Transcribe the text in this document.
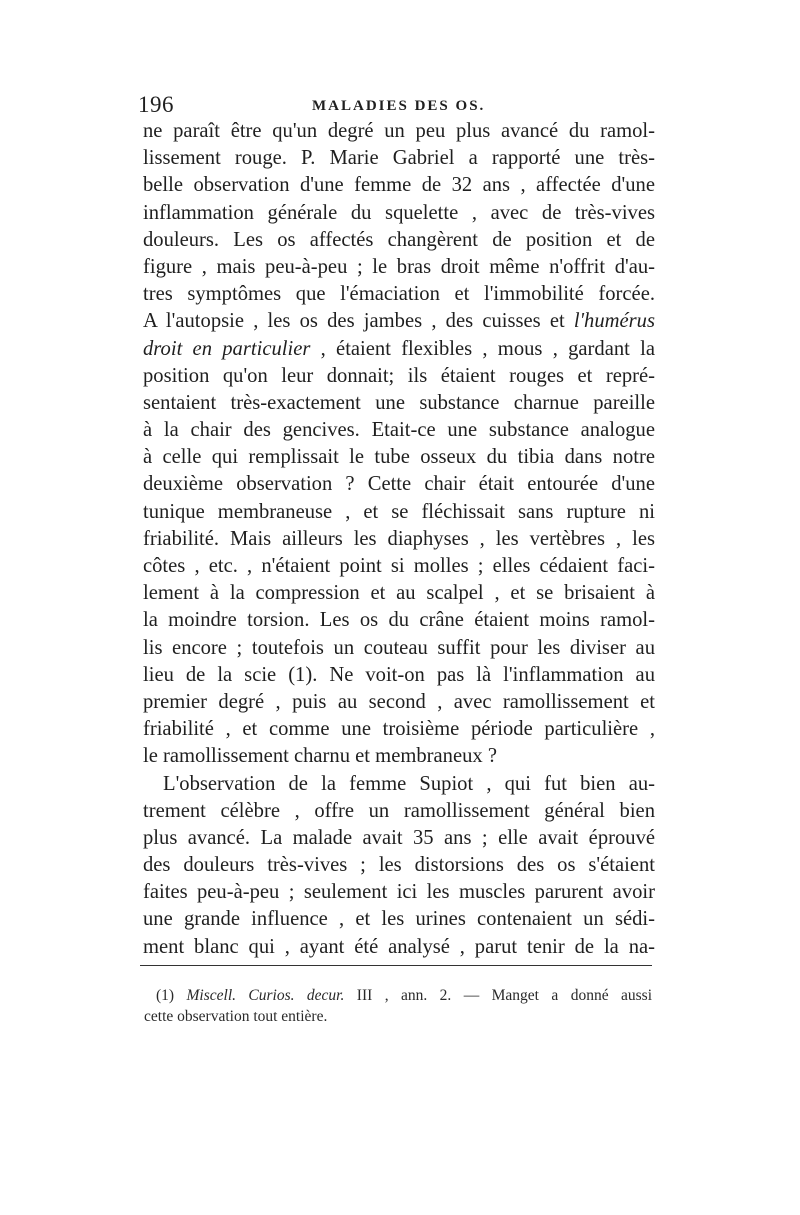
196	MALADIES DES OS.
ne paraît être qu'un degré un peu plus avancé du ramol-
lissement rouge. P. Marie Gabriel a rapporté une très-
belle observation d'une femme de 32 ans , affectée d'une
inflammation générale du squelette , avec de très-vives
douleurs. Les os affectés changèrent de position et de
figure , mais peu-à-peu ; le bras droit même n'offrit d'au-
tres symptômes que l'émaciation et l'immobilité forcée.
A l'autopsie , les os des jambes , des cuisses et l'humérus
droit en particulier , étaient flexibles , mous , gardant la
position qu'on leur donnait; ils étaient rouges et repré-
sentaient très-exactement une substance charnue pareille
à la chair des gencives. Etait-ce une substance analogue
à celle qui remplissait le tube osseux du tibia dans notre
deuxième observation ? Cette chair était entourée d'une
tunique membraneuse , et se fléchissait sans rupture ni
friabilité. Mais ailleurs les diaphyses , les vertèbres , les
côtes , etc. , n'étaient point si molles ; elles cédaient faci-
lement à la compression et au scalpel , et se brisaient à
la moindre torsion. Les os du crâne étaient moins ramol-
lis encore ; toutefois un couteau suffit pour les diviser au
lieu de la scie (1). Ne voit-on pas là l'inflammation au
premier degré , puis au second , avec ramollissement et
friabilité , et comme une troisième période particulière ,
le ramollissement charnu et membraneux ?
L'observation de la femme Supiot , qui fut bien au-
trement célèbre , offre un ramollissement général bien
plus avancé. La malade avait 35 ans ; elle avait éprouvé
des douleurs très-vives ; les distorsions des os s'étaient
faites peu-à-peu ; seulement ici les muscles parurent avoir
une grande influence , et les urines contenaient un sédi-
ment blanc qui , ayant été analysé , parut tenir de la na-
(1) Miscell. Curios. decur. III , ann. 2. — Manget a donné aussi
cette observation tout entière.
